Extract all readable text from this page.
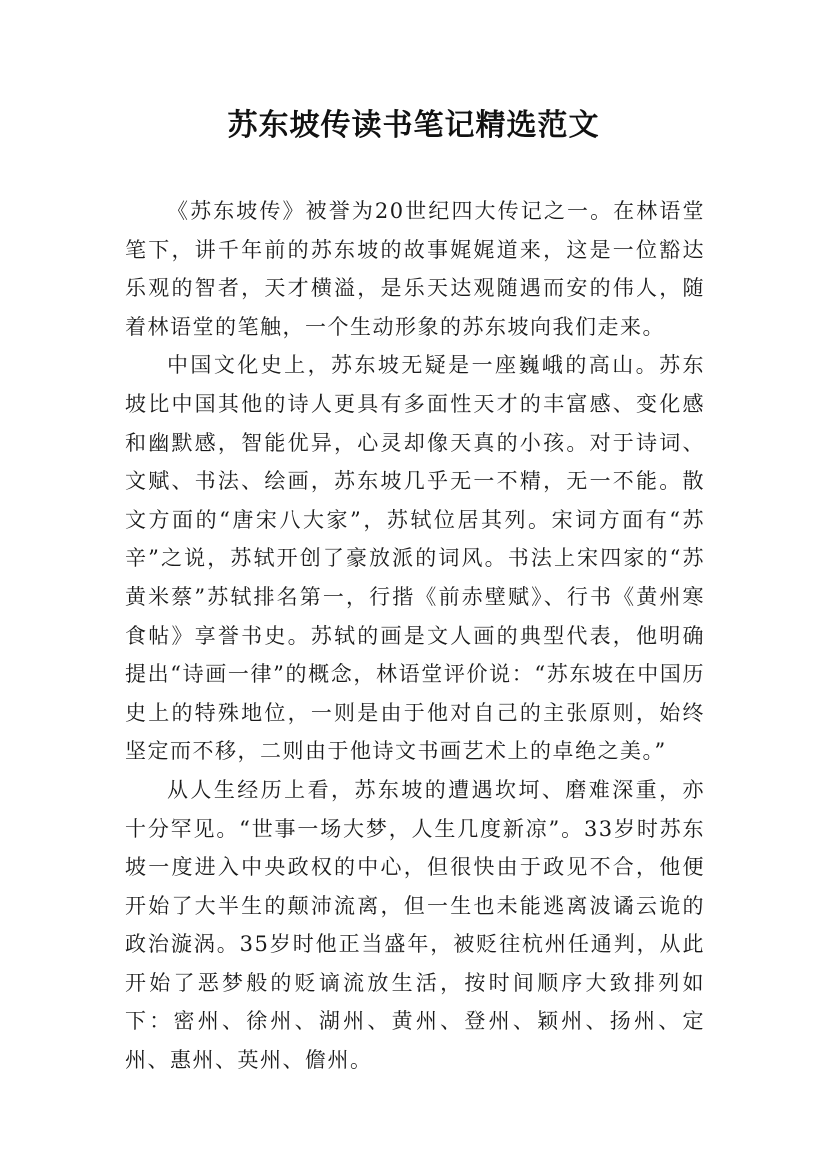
苏东坡传读书笔记精选范文

《苏东坡传》被誉为20世纪四大传记之一。在林语堂笔下，讲千年前的苏东坡的故事娓娓道来，这是一位豁达乐观的智者，天才横溢，是乐天达观随遇而安的伟人，随着林语堂的笔触，一个生动形象的苏东坡向我们走来。

中国文化史上，苏东坡无疑是一座巍峨的高山。苏东坡比中国其他的诗人更具有多面性天才的丰富感、变化感和幽默感，智能优异，心灵却像天真的小孩。对于诗词、文赋、书法、绘画，苏东坡几乎无一不精，无一不能。散文方面的“唐宋八大家”，苏轼位居其列。宋词方面有“苏辛”之说，苏轼开创了豪放派的词风。书法上宋四家的“苏黄米蔡”苏轼排名第一，行揩《前赤壁赋》、行书《黄州寒食帖》享誉书史。苏轼的画是文人画的典型代表，他明确提出“诗画一律”的概念，林语堂评价说：“苏东坡在中国历史上的特殊地位，一则是由于他对自己的主张原则，始终坚定而不移，二则由于他诗文书画艺术上的卓绝之美。”

从人生经历上看，苏东坡的遭遇坎坷、磨难深重，亦十分罕见。“世事一场大梦，人生几度新凉”。33岁时苏东坡一度进入中央政权的中心，但很快由于政见不合，他便开始了大半生的颠沛流离，但一生也未能逃离波谲云诡的政治漩涡。35岁时他正当盛年，被贬往杭州任通判，从此开始了恶梦般的贬谪流放生活，按时间顺序大致排列如下：密州、徐州、湖州、黄州、登州、颖州、扬州、定州、惠州、英州、儋州。
